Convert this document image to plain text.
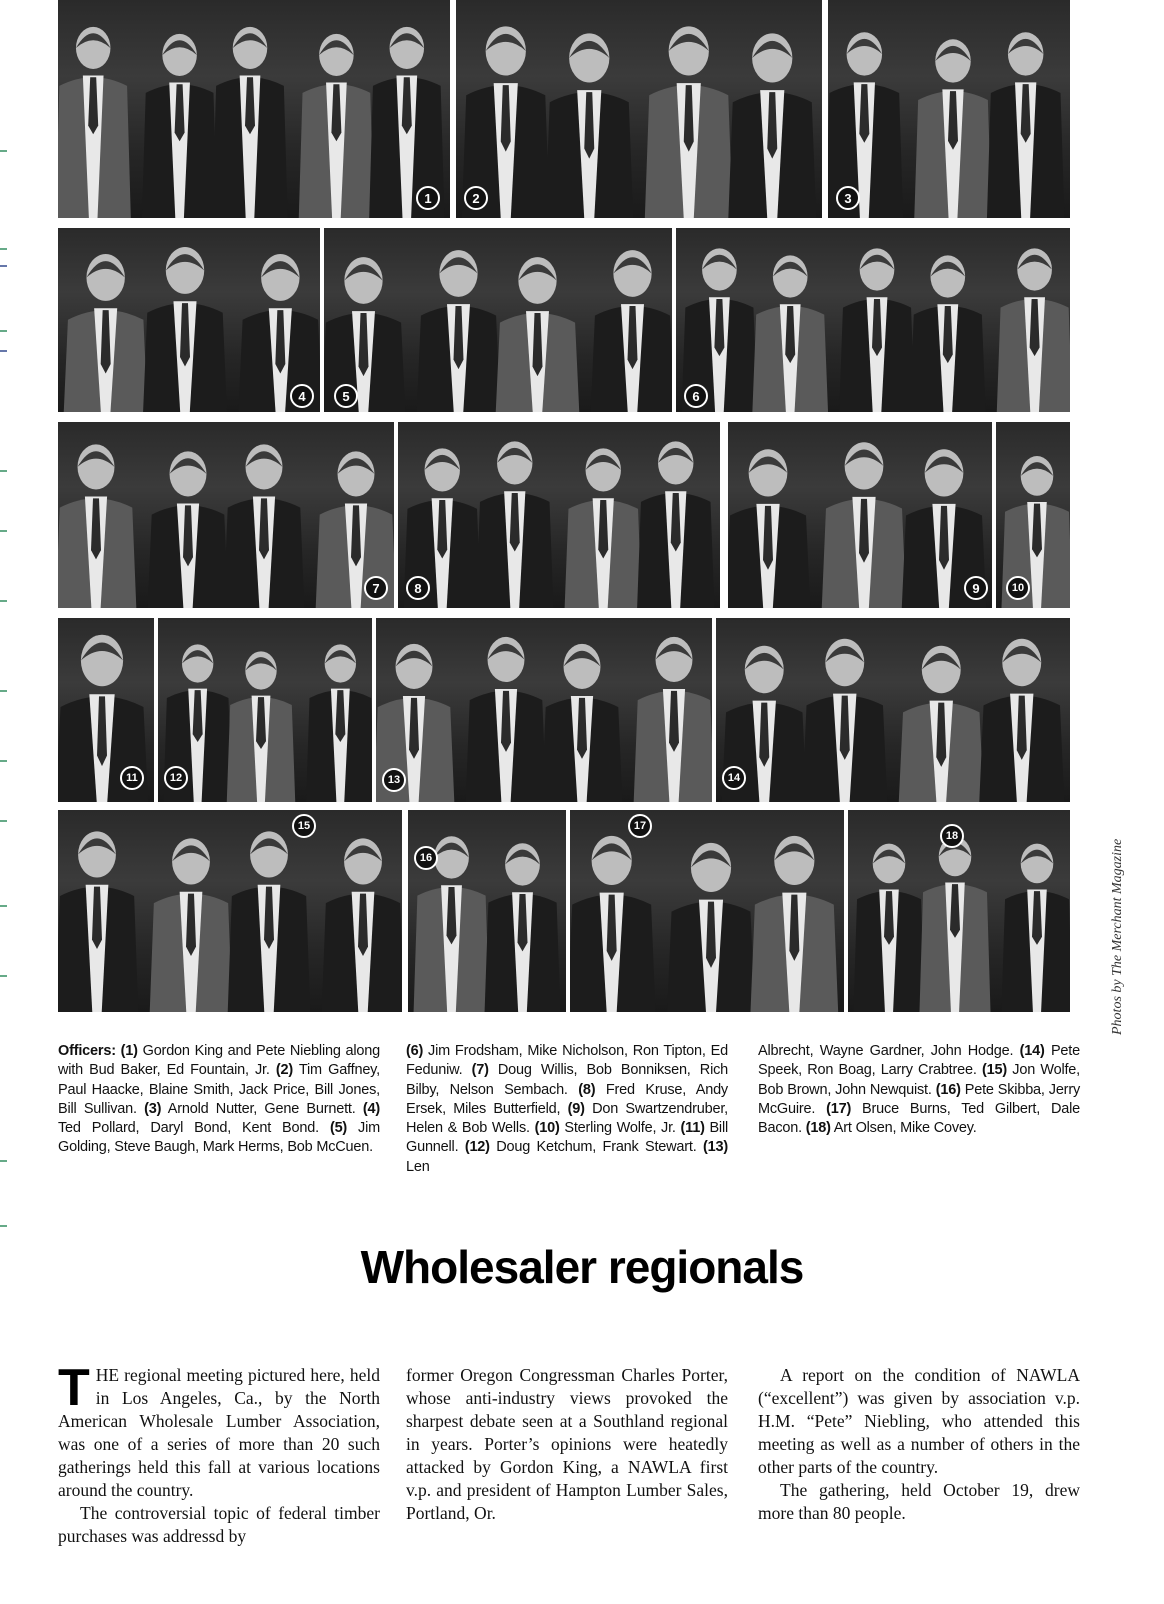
1	2	3
4	5	6
7	8	9	10
11	12	13	14
15
16
17
18
Photos by The Merchant Magazine
Officers: (1) Gordon King and Pete Niebling along with Bud Baker, Ed Fountain, Jr. (2) Tim Gaffney, Paul Haacke, Blaine Smith, Jack Price, Bill Jones, Bill Sullivan. (3) Arnold Nutter, Gene Burnett. (4) Ted Pollard, Daryl Bond, Kent Bond. (5) Jim Golding, Steve Baugh, Mark Herms, Bob McCuen.
(6) Jim Frodsham, Mike Nicholson, Ron Tipton, Ed Feduniw. (7) Doug Willis, Bob Bonniksen, Rich Bilby, Nelson Sembach. (8) Fred Kruse, Andy Ersek, Miles Butterfield, (9) Don Swartzendruber, Helen & Bob Wells. (10) Sterling Wolfe, Jr. (11) Bill Gunnell. (12) Doug Ketchum, Frank Stewart. (13) Len
Albrecht, Wayne Gardner, John Hodge. (14) Pete Speek, Ron Boag, Larry Crabtree. (15) Jon Wolfe, Bob Brown, John Newquist. (16) Pete Skibba, Jerry McGuire. (17) Bruce Burns, Ted Gilbert, Dale Bacon. (18) Art Olsen, Mike Covey.
Wholesaler regionals

THE regional meeting pictured here, held in Los Angeles, Ca., by the North American Wholesale Lumber Association, was one of a series of more than 20 such gatherings held this fall at various locations around the country.

The controversial topic of federal timber purchases was addressd by

former Oregon Congressman Charles Porter, whose anti-industry views provoked the sharpest debate seen at a Southland regional in years. Porter’s opinions were heatedly attacked by Gordon King, a NAWLA first v.p. and president of Hampton Lumber Sales, Portland, Or.

A report on the condition of NAWLA (“excellent”) was given by association v.p. H.M. “Pete” Niebling, who attended this meeting as well as a number of others in the other parts of the country.

The gathering, held October 19, drew more than 80 people.
